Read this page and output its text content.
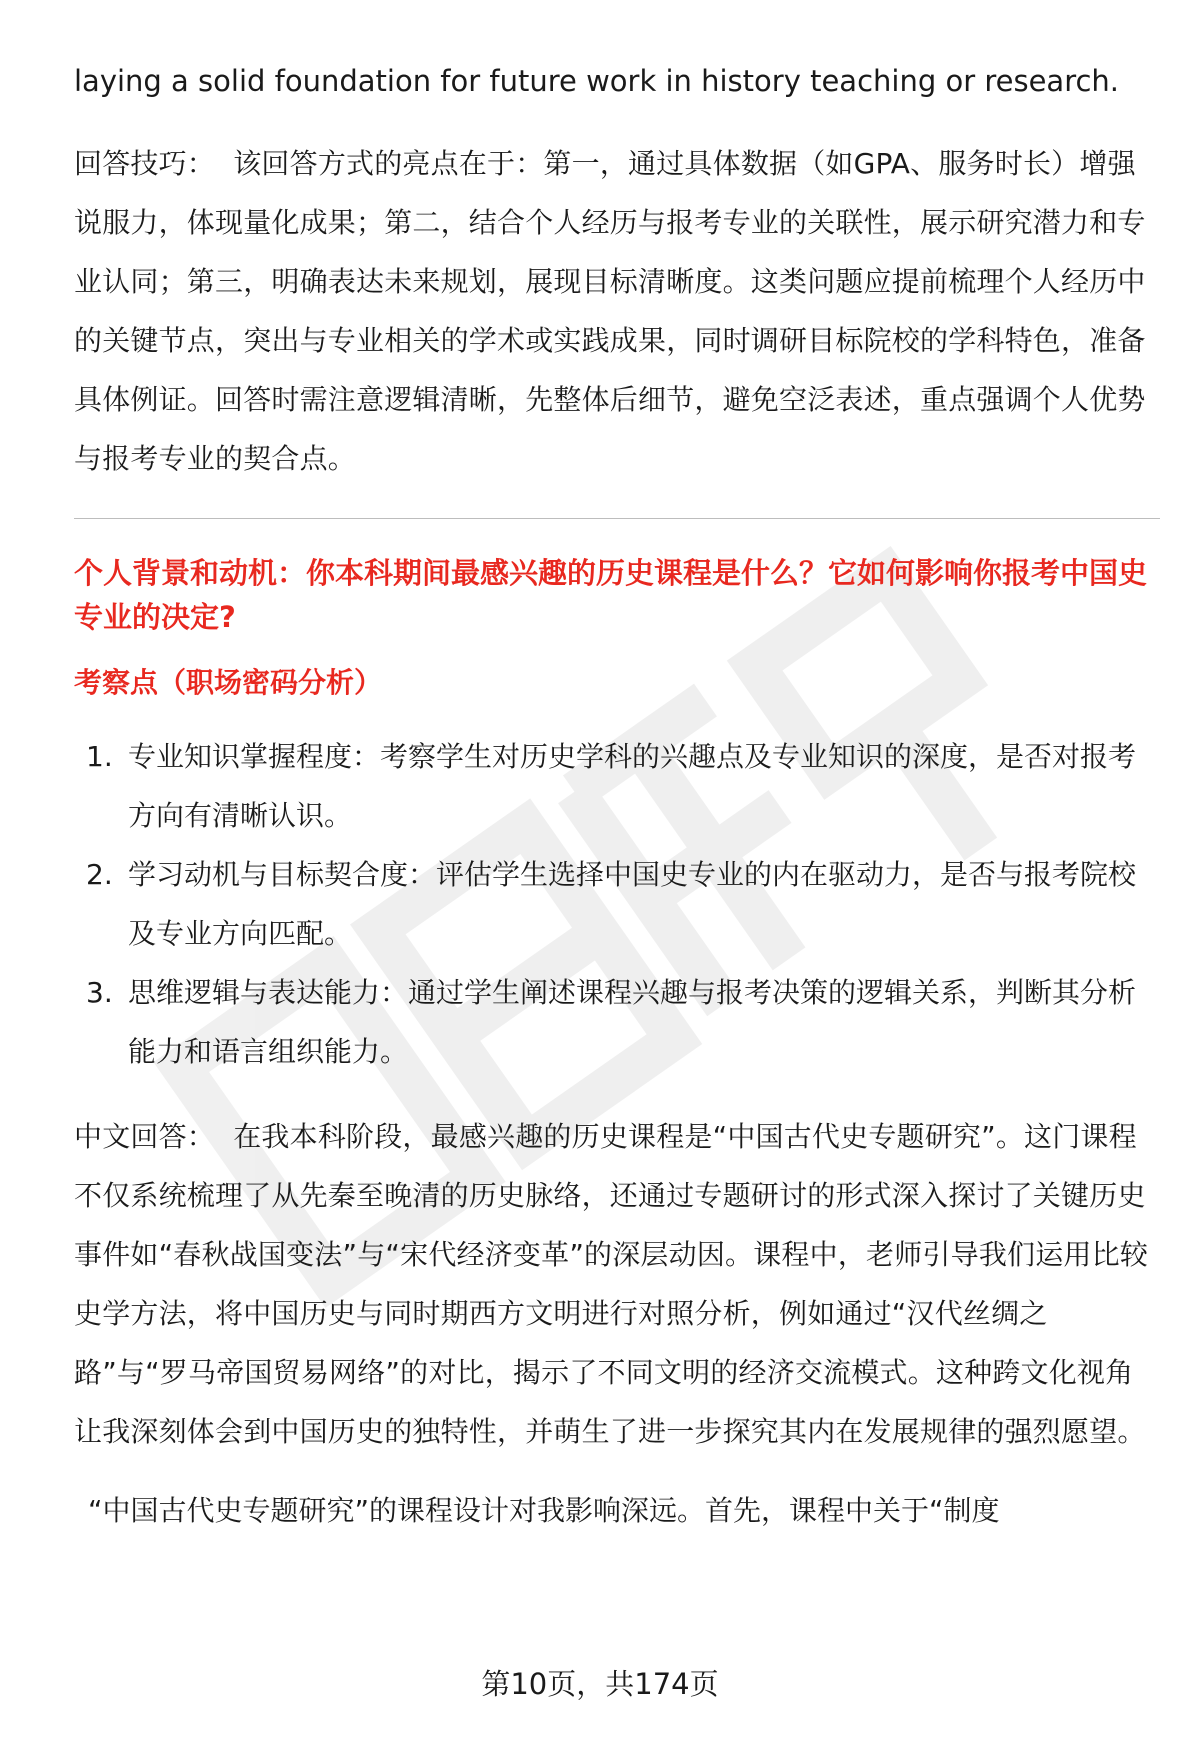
laying a solid foundation for future work in history teaching or research.

回答技巧： 该回答方式的亮点在于：第一，通过具体数据（如GPA、服务时长）增强说服力，体现量化成果；第二，结合个人经历与报考专业的关联性，展示研究潜力和专业认同；第三，明确表达未来规划，展现目标清晰度。这类问题应提前梳理个人经历中的关键节点，突出与专业相关的学术或实践成果，同时调研目标院校的学科特色，准备具体例证。回答时需注意逻辑清晰，先整体后细节，避免空泛表述，重点强调个人优势与报考专业的契合点。

个人背景和动机：你本科期间最感兴趣的历史课程是什么？它如何影响你报考中国史专业的决定?

考察点（职场密码分析）

1. 专业知识掌握程度：考察学生对历史学科的兴趣点及专业知识的深度，是否对报考方向有清晰认识。
2. 学习动机与目标契合度：评估学生选择中国史专业的内在驱动力，是否与报考院校及专业方向匹配。
3. 思维逻辑与表达能力：通过学生阐述课程兴趣与报考决策的逻辑关系，判断其分析能力和语言组织能力。

中文回答： 在我本科阶段，最感兴趣的历史课程是“中国古代史专题研究”。这门课程不仅系统梳理了从先秦至晚清的历史脉络，还通过专题研讨的形式深入探讨了关键历史事件如“春秋战国变法”与“宋代经济变革”的深层动因。课程中，老师引导我们运用比较史学方法，将中国历史与同时期西方文明进行对照分析，例如通过“汉代丝绸之路”与“罗马帝国贸易网络”的对比，揭示了不同文明的经济交流模式。这种跨文化视角让我深刻体会到中国历史的独特性，并萌生了进一步探究其内在发展规律的强烈愿望。

“中国古代史专题研究”的课程设计对我影响深远。首先，课程中关于“制度

第10页，共174页
